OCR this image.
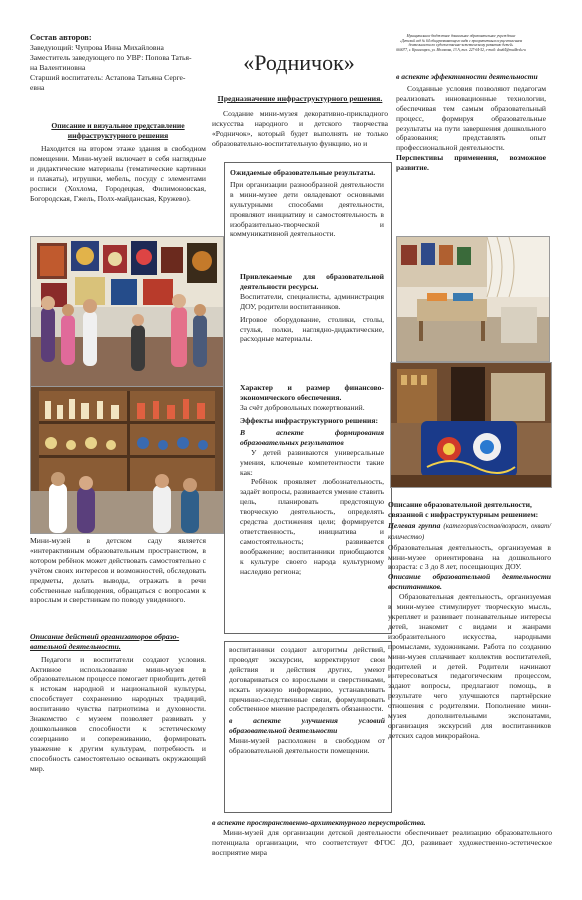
Состав авторов:

Заведующий: Чупрова Инна Михайловна

Заместитель заведующего по УВР: Попова Татья-

на Валентиновна

Старший воспитатель: Астапова Татьяна Серге-

евна

Муниципальное бюджетное дошкольное образовательное учреждение

«Детский сад № 64 общеразвивающего вида с приоритетным осуществлением

деятельности по художественно-эстетическому развитию детей»

660077, г. Красноярск, ул. Молокова, 13 А, тел. 227-64-52, e-mail: dou64@mailkrsk.ru

«Родничок»

Описание и визуальное представление

инфраструктурного решения

Находится на втором этаже здания в свободном помещении. Мини-музей включает в себя наглядные и дидактические материалы (тематические картинки и плакаты), игрушки, мебель, посуду с элементами росписи (Хохлома, Городецкая, Филимоновская, Богородская, Гжель, Полх-майданская, Кружево).

Мини-музей в детском саду является «интерактивным образовательным пространством, в котором ребёнок может действовать самостоятельно с учётом своих интересов и возможностей, обследовать предметы, делать выводы, отражать в речи собственные наблюдения, обращаться с вопросами к взрослым и сверстникам по поводу увиденного.

Описание действий организаторов образо-

вательной деятельности.

Педагоги и воспитатели создают условия. Активное использование мини-музея в образовательном процессе помогает приобщить детей к истокам народной и национальной культуры, способствует сохранению народных традиций, воспитанию чувства патриотизма и духовности. Знакомство с музеем позволяет развивать у дошкольников способности к эстетическому созерцанию и сопереживанию, формировать уважение к другим культурам, потребность и способность самостоятельно осваивать окружающий мир.

Предназначение инфраструктурного решения.

Создание мини-музея декоративно-прикладного искусства народного и детского творчества «Родничок», который будет выполнять не только образовательно-воспитательную функцию, но и

Ожидаемые образовательные результаты.

При организации разнообразной деятельности в мини-музее дети овладевают основными культурными способами деятельности, проявляют инициативу и самостоятельность в изобразительно-творческой и коммуникативной деятельности.

Привлекаемые для образовательной деятельности ресурсы.

Воспитатели, специалисты, администрация ДОУ, родители воспитанников.

Игровое оборудование, столики, столы, стулья, полки, наглядно-дидактические, расходные материалы.

Характер и размер финансово-экономического обеспечения.

За счёт добровольных пожертвований.

Эффекты инфраструктурного решения:

В аспекте формирования образовательных результатов

У детей развиваются универсальные умения, ключевые компетентности такие как:

Ребёнок проявляет любознательность, задаёт вопросы, развивается умение ставить цель, планировать предстоящую творческую деятельность, определять средства достижения цели; формируется ответственность, инициатива и самостоятельность; развивается воображение; воспитанники приобщаются к культуре своего народа культурному наследию региона;

воспитанники создают алгоритмы действий, проводят экскурсии, корректируют свои действия и действия других, умеют договариваться со взрослыми и сверстниками, искать нужную информацию, устанавливать причинно-следственные связи, формулировать собственное мнение распределять обязанности.

в аспекте улучшения условий образовательной деятельности

Мини-музей расположен в свободном от образовательной деятельности помещении.

в аспекте эффективности деятельности

Созданные условия позволяют педагогам реализовать инновационные технологии, обеспечивая тем самым образовательный процесс, формируя образовательные результаты на пути завершения дошкольного образования; представлять опыт профессиональной деятельности.

Перспективы применения, возможное развитие.

Описание образовательной деятельности, связанной с инфраструктурным решением:

Целевая группа (категория/состав/возраст, охват/количество)

Образовательная деятельность, организуемая в мини-музее ориентирована на дошкольного возраста: с 3 до 8 лет, посещающих ДОУ.

Описание образовательной деятельности воспитанников.

Образовательная деятельность, организуемая в мини-музее стимулирует творческую мысль, укрепляет и развивает познавательные интересы детей, знакомит с видами и жанрами изобразительного искусства, народными промыслами, художниками. Работа по созданию мини-музея сплачивает коллектив воспитателей, родителей и детей. Родители начинают интересоваться педагогическим процессом, задают вопросы, предлагают помощь, в результате чего улучшаются партнёрские отношения с родителями. Пополнение мини-музея дополнительными экспонатами, организация экскурсий для воспитанников детских садов микрорайона.

в аспекте пространственно-архитектурного переустройства.

Мини-музей для организации детской деятельности обеспечивает реализацию образовательного потенциала организации, что соответствует ФГОС ДО, развивает художественно-эстетическое восприятие мира
